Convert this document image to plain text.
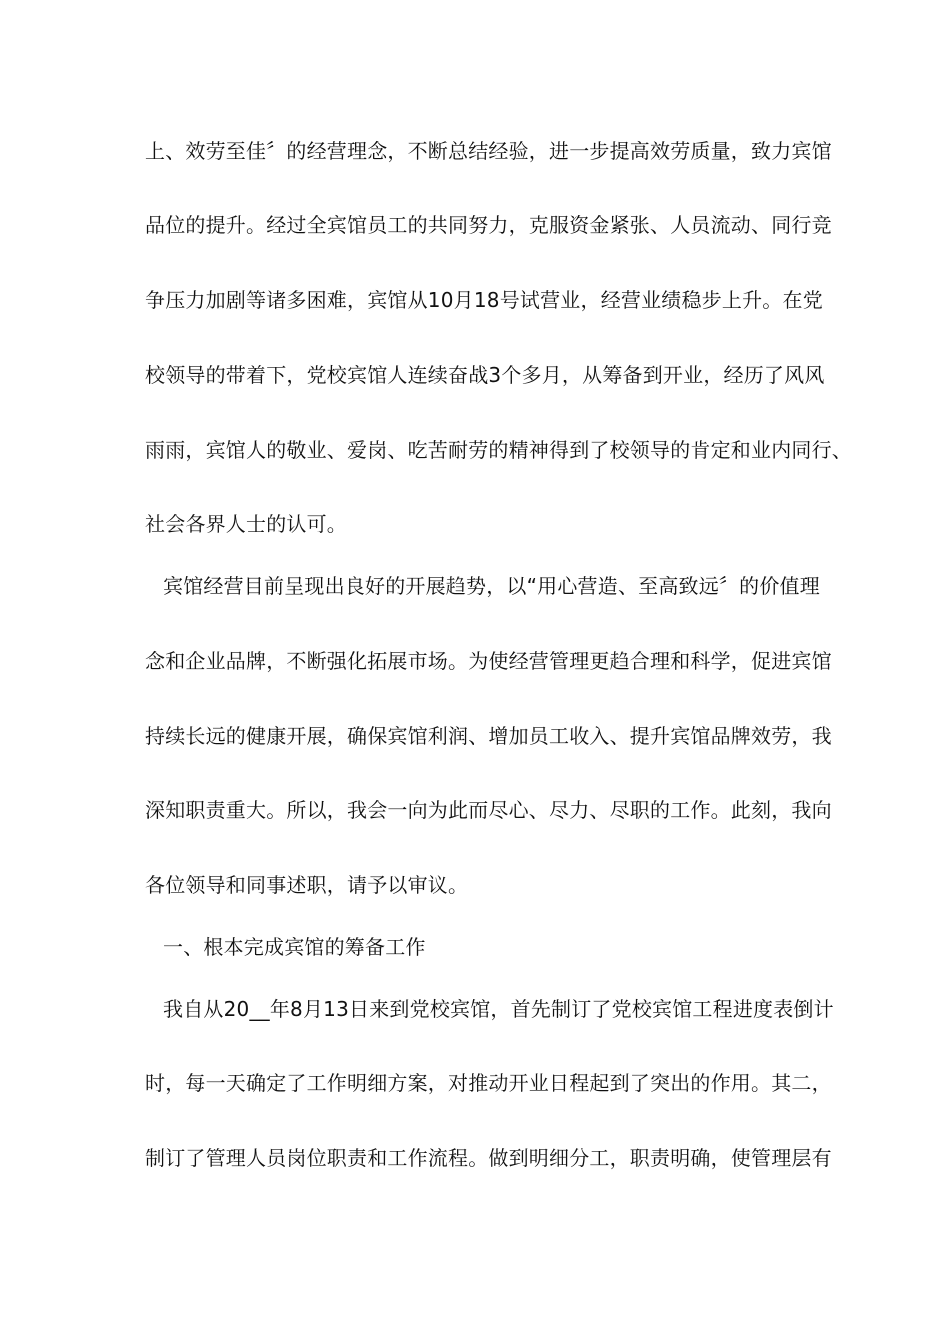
上、效劳至佳〞的经营理念，不断总结经验，进一步提高效劳质量，致力宾馆
品位的提升。经过全宾馆员工的共同努力，克服资金紧张、人员流动、同行竞
争压力加剧等诸多困难，宾馆从10月18号试营业，经营业绩稳步上升。在党
校领导的带着下，党校宾馆人连续奋战3个多月，从筹备到开业，经历了风风
雨雨，宾馆人的敬业、爱岗、吃苦耐劳的精神得到了校领导的肯定和业内同行、
社会各界人士的认可。
宾馆经营目前呈现出良好的开展趋势，以“用心营造、至高致远〞的价值理
念和企业品牌，不断强化拓展市场。为使经营管理更趋合理和科学，促进宾馆
持续长远的健康开展，确保宾馆利润、增加员工收入、提升宾馆品牌效劳，我
深知职责重大。所以，我会一向为此而尽心、尽力、尽职的工作。此刻，我向
各位领导和同事述职，请予以审议。
一、根本完成宾馆的筹备工作
我自从20__年8月13日来到党校宾馆，首先制订了党校宾馆工程进度表倒计
时，每一天确定了工作明细方案，对推动开业日程起到了突出的作用。其二，
制订了管理人员岗位职责和工作流程。做到明细分工，职责明确，使管理层有
